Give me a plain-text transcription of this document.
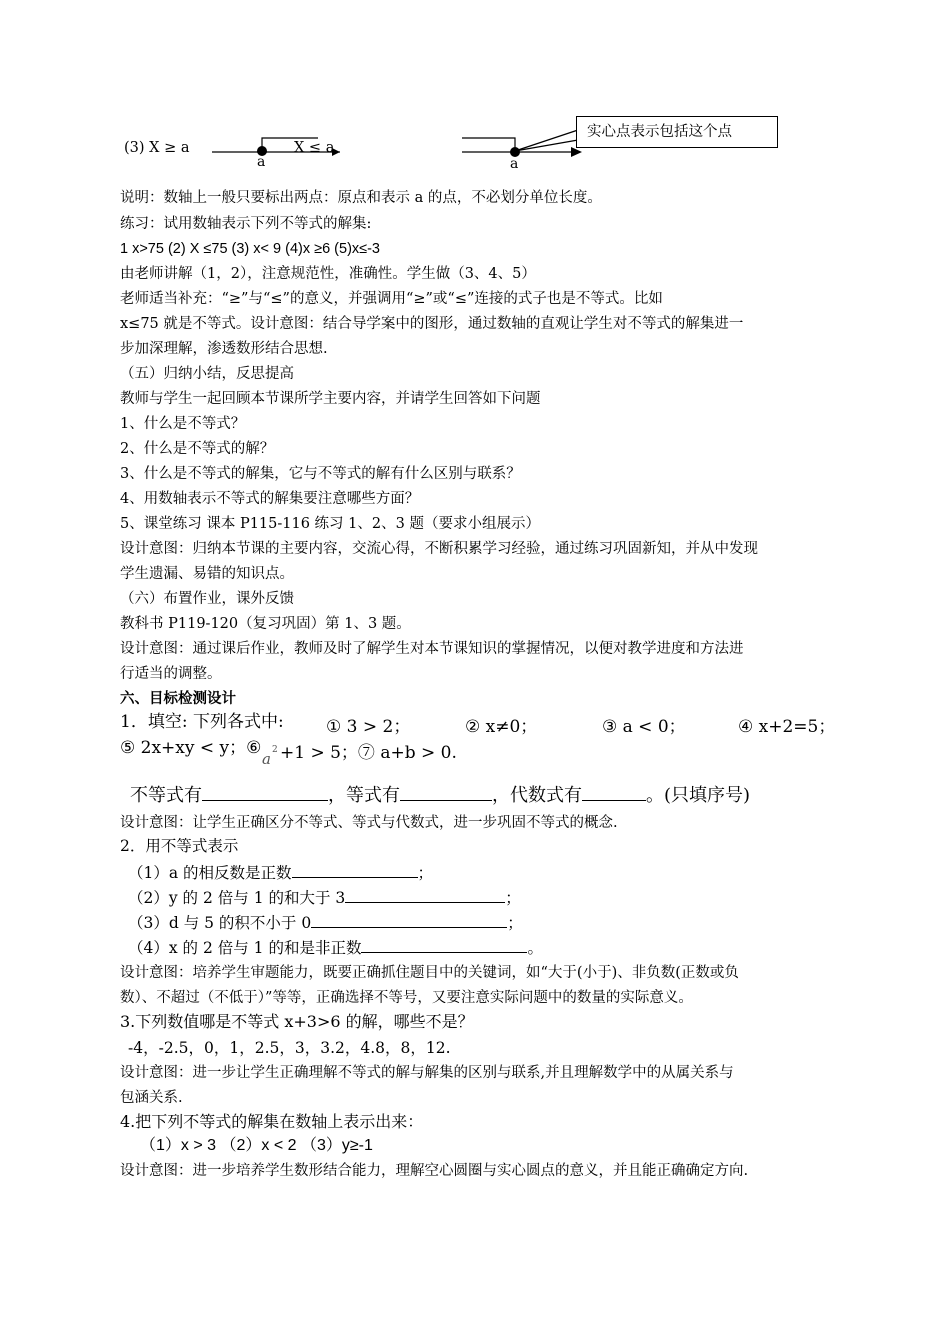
(3) X ≥ a
a
X ≤ a
a
实心点表示包括这个点
说明：数轴上一般只要标出两点：原点和表示 a 的点，不必划分单位长度。
练习：试用数轴表示下列不等式的解集:
1 x>75 (2) X ≤75 (3) x< 9 (4)x ≥6 (5)x≤-3
由老师讲解（1，2），注意规范性，准确性。学生做（3、4、5）
老师适当补充：“≥”与“≤”的意义，并强调用“≥”或“≤”连接的式子也是不等式。比如
x≤75 就是不等式。设计意图：结合导学案中的图形，通过数轴的直观让学生对不等式的解集进一
步加深理解，渗透数形结合思想.
（五）归纳小结，反思提高
教师与学生一起回顾本节课所学主要内容，并请学生回答如下问题
1、什么是不等式？
2、什么是不等式的解？
3、什么是不等式的解集，它与不等式的解有什么区别与联系？
4、用数轴表示不等式的解集要注意哪些方面？
5、课堂练习 课本 P115-116 练习 1、2、3 题（要求小组展示）
设计意图：归纳本节课的主要内容，交流心得，不断积累学习经验，通过练习巩固新知，并从中发现
学生遗漏、易错的知识点。
（六）布置作业，课外反馈
教科书 P119-120（复习巩固）第 1、3 题。
设计意图：通过课后作业，教师及时了解学生对本节课知识的掌握情况，以便对教学进度和方法进
行适当的调整。
六、目标检测设计
1．填空: 下列各式中: ① 3 > 2；	② x≠0；	③ a < 0；	④ x+2=5；
⑤ 2x+xy < y；⑥
a 2 +1 > 5；⑦ a+b > 0.
不等式有	，等式有	，代数式有	。(只填序号)
设计意图：让学生正确区分不等式、等式与代数式，进一步巩固不等式的概念.
2．用不等式表示
（1）a 的相反数是正数	；
（2）y 的 2 倍与 1 的和大于 3	；
（3）d 与 5 的积不小于 0	；
（4）x 的 2 倍与 1 的和是非正数	。
设计意图：培养学生审题能力，既要正确抓住题目中的关键词，如“大于(小于)、非负数(正数或负
数）、不超过（不低于）”等等，正确选择不等号，又要注意实际问题中的数量的实际意义。
3.下列数值哪是不等式 x+3>6 的解，哪些不是？
-4，-2.5，0，1，2.5，3，3.2，4.8，8，12.
设计意图：进一步让学生正确理解不等式的解与解集的区别与联系,并且理解数学中的从属关系与
包涵关系.
4.把下列不等式的解集在数轴上表示出来：
（1）x > 3 （2）x < 2 （3）y≥-1
设计意图：进一步培养学生数形结合能力，理解空心圆圈与实心圆点的意义，并且能正确确定方向.
